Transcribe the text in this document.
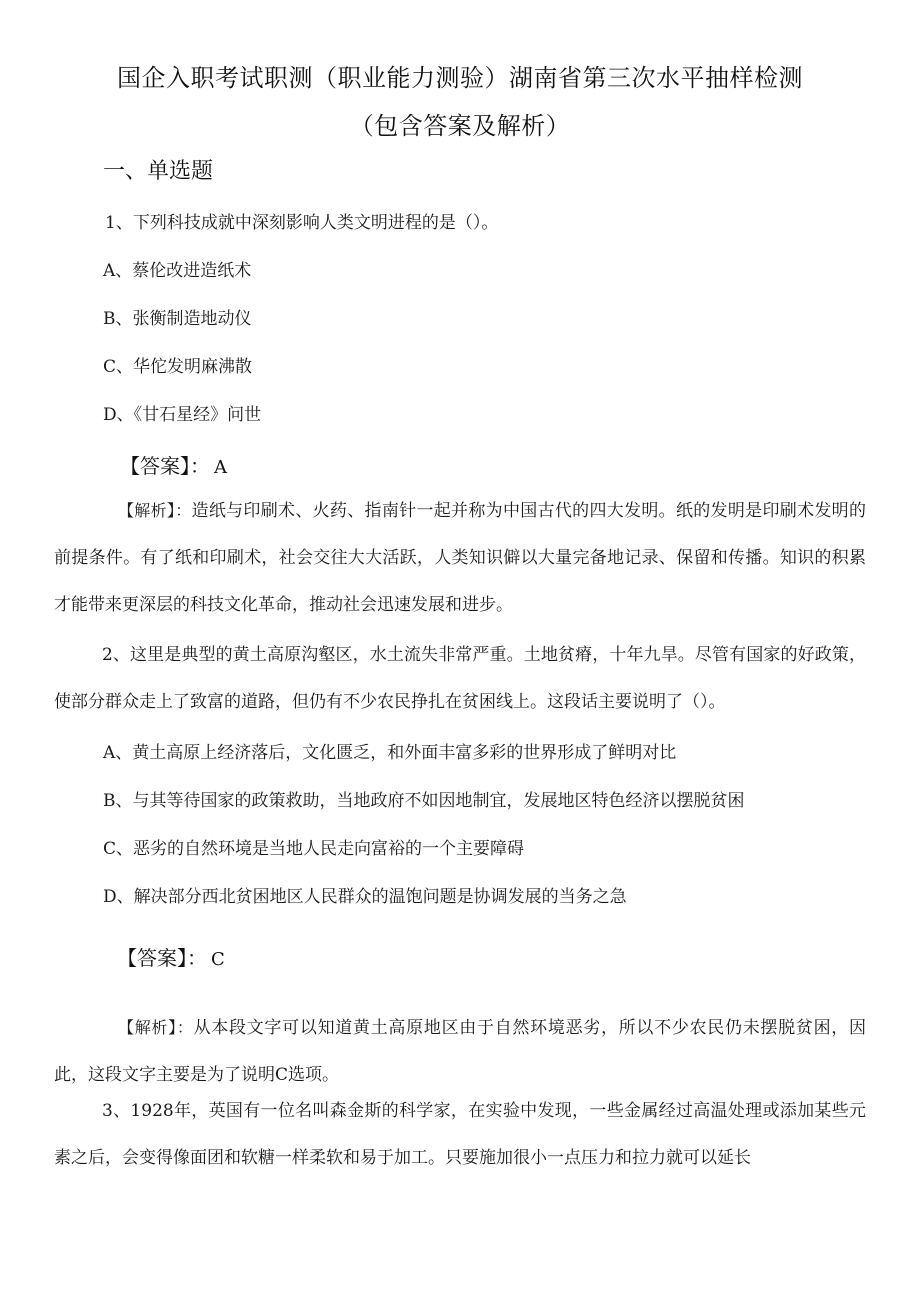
国企入职考试职测（职业能力测验）湖南省第三次水平抽样检测
（包含答案及解析）
一、单选题
1、下列科技成就中深刻影响人类文明进程的是（）。
A、蔡伦改进造纸术
B、张衡制造地动仪
C、华佗发明麻沸散
D、《甘石星经》问世
【答案】： A
【解析】：造纸与印刷术、火药、指南针一起并称为中国古代的四大发明。纸的发明是印刷术发明的前提条件。有了纸和印刷术，社会交往大大活跃，人类知识僻以大量完备地记录、保留和传播。知识的积累才能带来更深层的科技文化革命，推动社会迅速发展和进步。
2、这里是典型的黄土高原沟壑区，水土流失非常严重。土地贫瘠，十年九旱。尽管有国家的好政策，使部分群众走上了致富的道路，但仍有不少农民挣扎在贫困线上。这段话主要说明了（）。
A、黄土高原上经济落后，文化匮乏，和外面丰富多彩的世界形成了鲜明对比
B、与其等待国家的政策救助，当地政府不如因地制宜，发展地区特色经济以摆脱贫困
C、恶劣的自然环境是当地人民走向富裕的一个主要障碍
D、解决部分西北贫困地区人民群众的温饱问题是协调发展的当务之急
【答案】： C
【解析】：从本段文字可以知道黄土高原地区由于自然环境恶劣，所以不少农民仍未摆脱贫困，因此，这段文字主要是为了说明C选项。
3、1928年，英国有一位名叫森金斯的科学家，在实验中发现，一些金属经过高温处理或添加某些元素之后，会变得像面团和软糖一样柔软和易于加工。只要施加很小一点压力和拉力就可以延长
